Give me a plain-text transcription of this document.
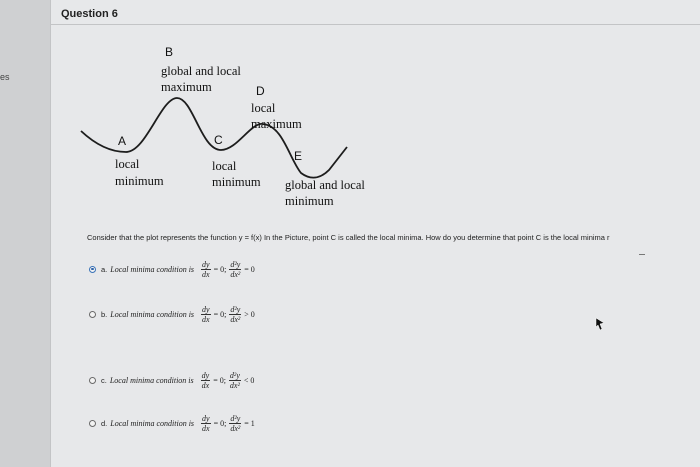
es
Question 6
B
global and local
maximum	D
local
maximum
A
local
minimum
C
local
minimum
E
global and local
minimum
Consider that the plot represents the function y = f(x) In the Picture, point C is called the local minima. How do you determine that point C is the local minima r
a. Local minima condition is $\frac{dy}{dx} = 0$; $\frac{\text{d²y}}{\text{dx²}} = 0$
b. Local minima condition is $\frac{dy}{dx} = 0$; $\frac{\text{d²y}}{\text{dx²}} > 0$
c. Local minima condition is $\frac{dy}{dx} = 0$; $\frac{\text{d²y}}{\text{dx²}} < 0$
d. Local minima condition is $\frac{dy}{dx} = 0$; $\frac{\text{d²y}}{\text{dx²}} = 1$
